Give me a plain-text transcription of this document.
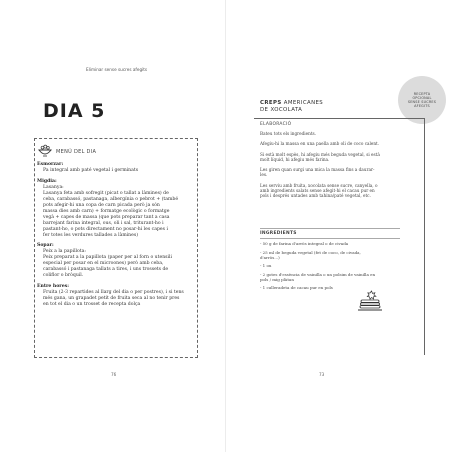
Eliminar sense sucres afegits
DIA 5
MENÚ DEL DIA
Esmorzar:
Pa integral amb paté vegetal i germinats
Migdia:
Lasanya:
Lasanya feta amb sofregit (picat o tallat a làmines) de
ceba, carabassó, pastanaga, albergínia o pebrot + (també
pots afegir-hi una copa de carn picada però ja són
massa dies amb carn) + formatge ecològic o formatge
vegà + capes de massa (que pots preparar tant a casa
barrejant farina integral, ous, oli i sal, triturant-ho i
pastant-ho, o pots directament no posar-hi les capes i
fer totes les verdures tallades a làmines)
Sopar:
Peix a la papillota:
Peix preparat a la papillota (paper per al forn o utensili
especial per posar en el microones) però amb ceba,
carabassó i pastanaga tallats a tires, i uns trossets de
coliflor o bròquil.
Entre hores:
Fruita (2-3 repartides al llarg del dia o per postres), i si tens
més gana, un grapadet petit de fruita seca al no tenir pres
en tot el dia o un trosset de recepta dolça
76
RECEPTA
OPCIONAL
SENSE SUCRES
AFEGITS
CREPS AMERICANES
DE XOCOLATA
ELABORACIÓ
Bateu tots els ingredients.
Afegiu-hi la massa en una paella amb oli de coco calent.
Si està molt espès, hi afegiu més beguda vegetal, si està molt líquid, hi afegiu més farina.
Les giren quan surgi una mica la massa fins a daurar-les.
Les serviu amb fruita, xocolata sense sucre, canyella, o amb ingredients salats sense afegit-hi el cacau pur en pols i després untades amb tahina/paté vegetal, etc.
INGREDIENTS
- 50 g de farina d'arròs integral o de civada
- 25 ml de beguda vegetal (fet de coco, de civada, d'arròs...)
- 1 ou
- 2 gotes d'essència de vainilla o un polsim de vainilla en pols / mig plàtan
- 1 culleradeta de cacau pur en pols
73
